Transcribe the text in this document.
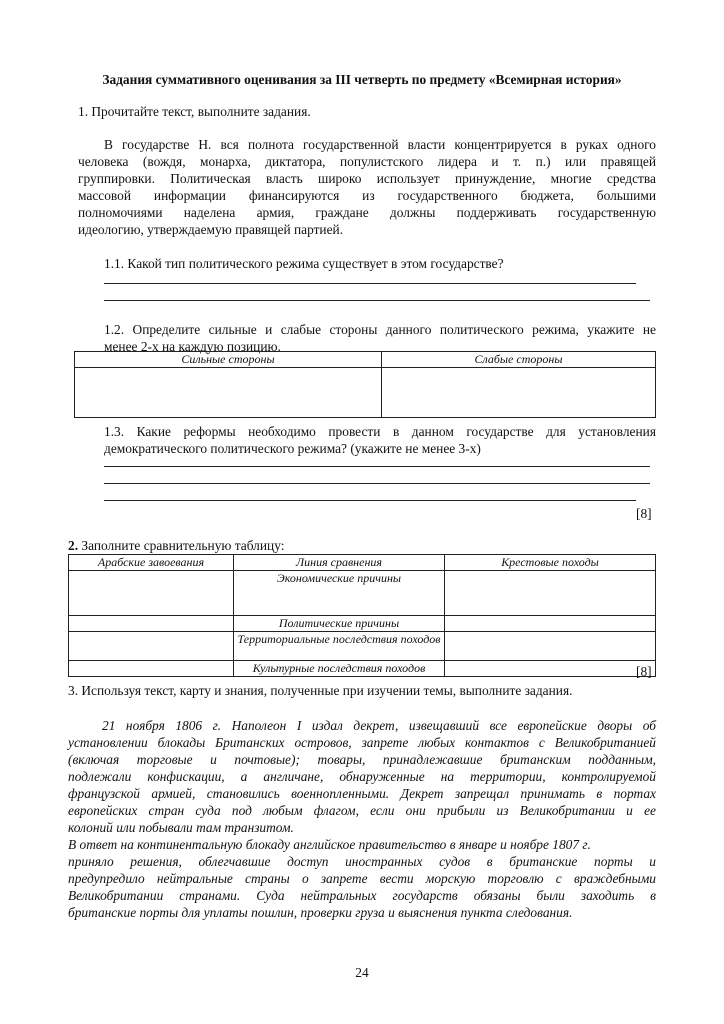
Задания суммативного оценивания за III четверть по предмету «Всемирная история»
1. Прочитайте текст, выполните задания.
В государстве Н. вся полнота государственной власти концентрируется в руках одного
человека (вождя, монарха, диктатора, популистского лидера и т. п.) или правящей
группировки. Политическая власть широко использует принуждение, многие средства
массовой информации финансируются из государственного бюджета, большими
полномочиями наделена армия, граждане должны поддерживать государственную
идеологию, утверждаемую правящей партией.
1.1. Какой тип политического режима существует в этом государстве?
1.2. Определите сильные и слабые стороны данного политического режима, укажите не
менее 2-х на каждую позицию.
Сильные стороны	Слабые стороны

1.3. Какие реформы необходимо провести в данном государстве для установления
демократического политического режима? (укажите не менее 3-х)
[8]
2. Заполните сравнительную таблицу:
Арабские завоевания	Линия сравнения	Крестовые походы
	Экономические причины	
	Политические причины	
	Территориальные последствия походов	
	Культурные последствия походов		[8]
3. Используя текст, карту и знания, полученные при изучении темы, выполните задания.
21 ноября 1806 г. Наполеон I издал декрет, извещавший все европейские дворы об
установлении блокады Британских островов, запрете любых контактов с Великобританией
(включая торговые и почтовые); товары, принадлежавшие британским подданным,
подлежали конфискации, а англичане, обнаруженные на территории, контролируемой
французской армией, становились военнопленными. Декрет запрещал принимать в портах
европейских стран суда под любым флагом, если они прибыли из Великобритании и ее
колоний или побывали там транзитом.
В ответ на континентальную блокаду английское правительство в январе и ноябре 1807 г.
приняло решения, облегчавшие доступ иностранных судов в британские порты и
предупредило нейтральные страны о запрете вести морскую торговлю с враждебными
Великобритании странами. Суда нейтральных государств обязаны были заходить в
британские порты для уплаты пошлин, проверки груза и выяснения пункта следования.
24
